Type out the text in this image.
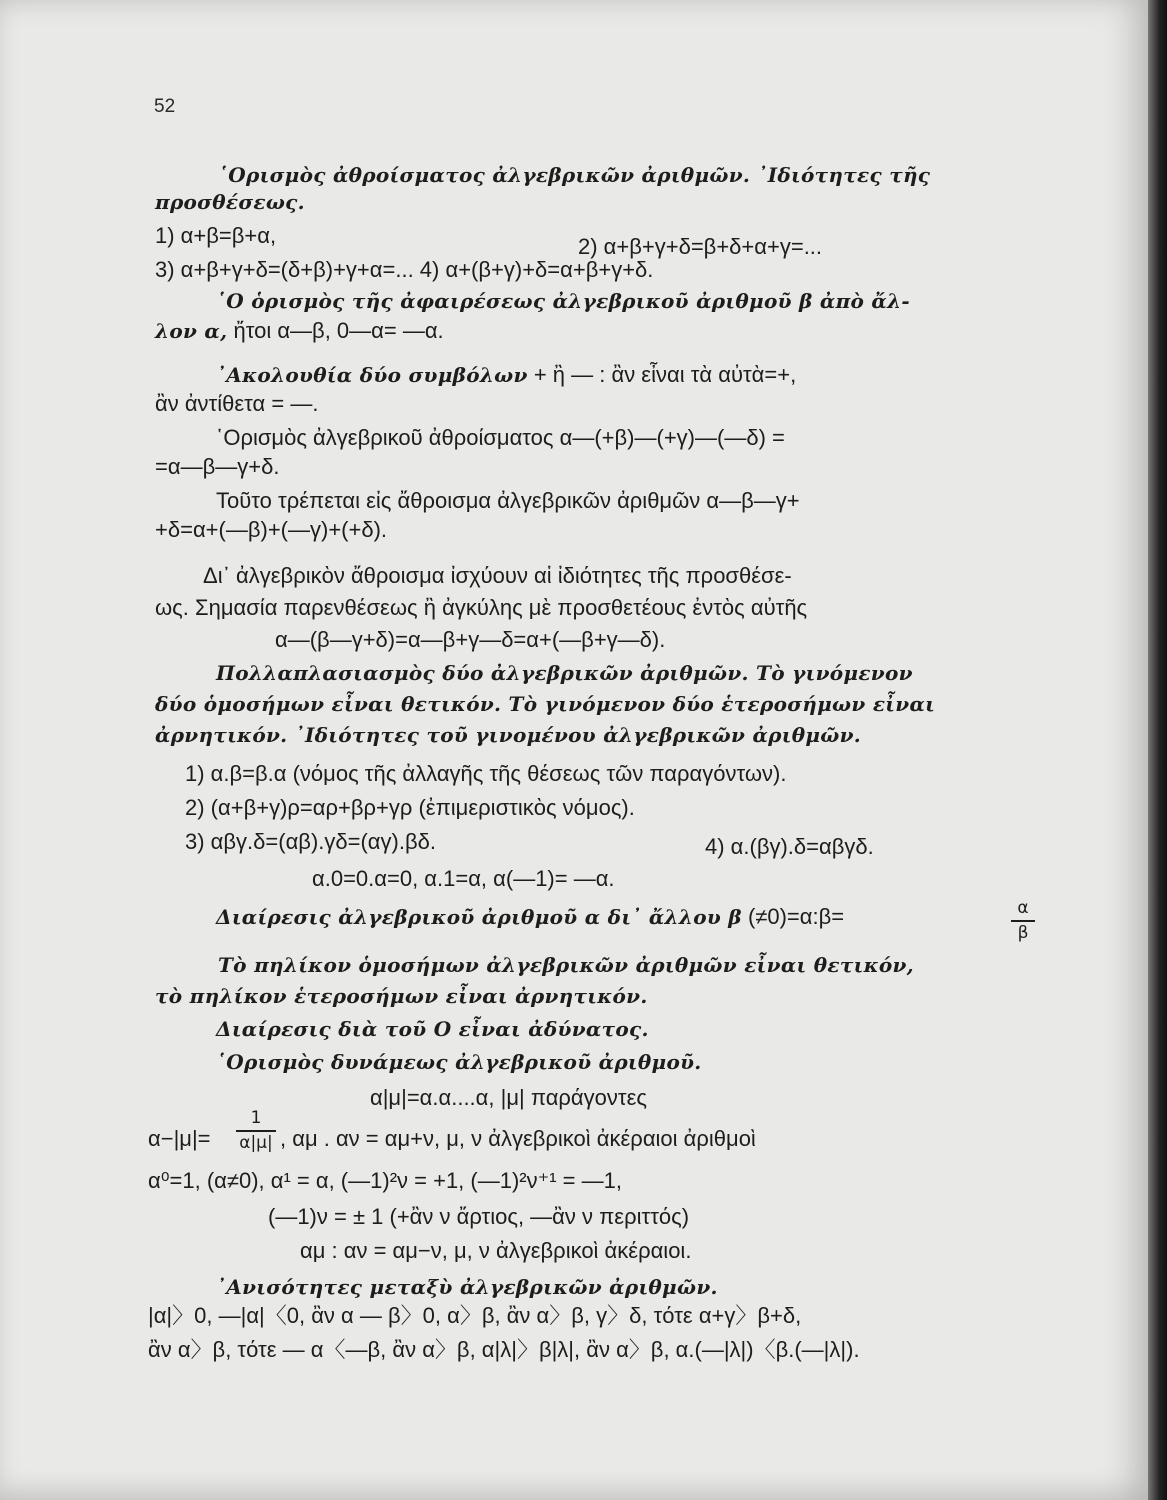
52
῾Ορισμὸς ἀθροίσματος ἀλγεβρικῶν ἀριθμῶν. ᾿Ιδιότητες τῆς
προσθέσεως.
1) α+β=β+α,	2) α+β+γ+δ=β+δ+α+γ=...
3) α+β+γ+δ=(δ+β)+γ+α=... 4) α+(β+γ)+δ=α+β+γ+δ.
῾Ο ὁρισμὸς τῆς ἀφαιρέσεως ἀλγεβρικοῦ ἀριθμοῦ β ἀπὸ ἄλ-
λον α, ἤτοι α—β, 0—α= —α.
᾿Ακολουθία δύο συμβόλων + ἢ — : ἂν εἶναι τὰ αὐτὰ=+,
ἂν ἀντίθετα = —.
῾Ορισμὸς ἀλγεβρικοῦ ἀθροίσματος α—(+β)—(+γ)—(—δ) =
=α—β—γ+δ.
Τοῦτο τρέπεται εἰς ἄθροισμα ἀλγεβρικῶν ἀριθμῶν α—β—γ+
+δ=α+(—β)+(—γ)+(+δ).
Δι᾿ ἀλγεβρικὸν ἄθροισμα ἰσχύουν αἱ ἰδιότητες τῆς προσθέσε-
ως. Σημασία παρενθέσεως ἢ ἀγκύλης μὲ προσθετέους ἐντὸς αὐτῆς
α—(β—γ+δ)=α—β+γ—δ=α+(—β+γ—δ).
Πολλαπλασιασμὸς δύο ἀλγεβρικῶν ἀριθμῶν. Τὸ γινόμενον
δύο ὁμοσήμων εἶναι θετικόν. Τὸ γινόμενον δύο ἑτεροσήμων εἶναι
ἀρνητικόν. ᾿Ιδιότητες τοῦ γινομένου ἀλγεβρικῶν ἀριθμῶν.
1) α.β=β.α (νόμος τῆς ἀλλαγῆς τῆς θέσεως τῶν παραγόντων).
2) (α+β+γ)ρ=αρ+βρ+γρ (ἐπιμεριστικὸς νόμος).
3) αβγ.δ=(αβ).γδ=(αγ).βδ.	4) α.(βγ).δ=αβγδ.
α.0=0.α=0, α.1=α, α(—1)= —α.
Διαίρεσις ἀλγεβρικοῦ ἀριθμοῦ α δι᾿ ἄλλου β (≠0)=α:β=	α
β
Τὸ πηλίκον ὁμοσήμων ἀλγεβρικῶν ἀριθμῶν εἶναι θετικόν,
τὸ πηλίκον ἑτεροσήμων εἶναι ἀρνητικόν.
Διαίρεσις διὰ τοῦ Ο εἶναι ἀδύνατος.
῾Ορισμὸς δυνάμεως ἀλγεβρικοῦ ἀριθμοῦ.
α|μ|=α.α....α, |μ| παράγοντες
α−|μ|=
1
α|μ| , αμ . αν = αμ+ν, μ, ν ἀλγεβρικοὶ ἀκέραιοι ἀριθμοὶ
α⁰=1, (α≠0), α¹ = α, (—1)²ν = +1, (—1)²ν⁺¹ = —1,
(—1)ν = ± 1 (+ἂν ν ἄρτιος, —ἂν ν περιττός)
αμ : αν = αμ−ν, μ, ν ἀλγεβρικοὶ ἀκέραιοι.
᾿Ανισότητες μεταξὺ ἀλγεβρικῶν ἀριθμῶν.
|α|〉0, —|α|〈0, ἂν α — β〉0, α〉β, ἂν α〉β, γ〉δ, τότε α+γ〉β+δ,
ἂν α〉β, τότε — α〈—β, ἂν α〉β, α|λ|〉β|λ|, ἂν α〉β, α.(—|λ|)〈β.(—|λ|).
